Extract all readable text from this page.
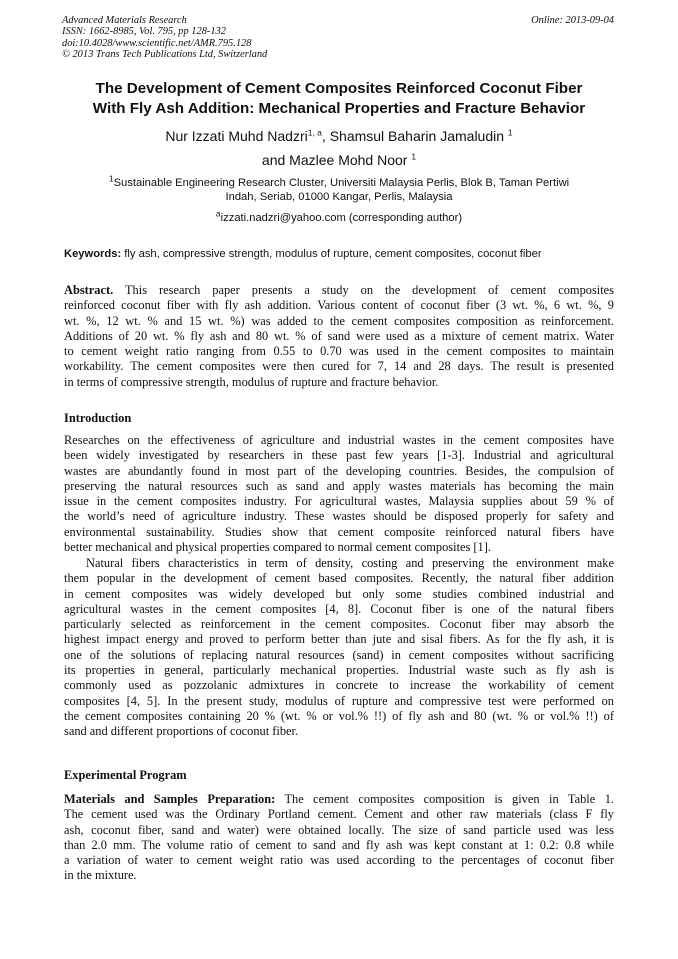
Advanced Materials Research
ISSN: 1662-8985, Vol. 795, pp 128-132
doi:10.4028/www.scientific.net/AMR.795.128
© 2013 Trans Tech Publications Ltd, Switzerland
Online: 2013-09-04
The Development of Cement Composites Reinforced Coconut Fiber
With Fly Ash Addition: Mechanical Properties and Fracture Behavior
Nur Izzati Muhd Nadzri$^{1, a}$, Shamsul Baharin Jamaludin $^1$
and Mazlee Mohd Noor $^1$
$^1$Sustainable Engineering Research Cluster, Universiti Malaysia Perlis, Blok B, Taman Pertiwi
Indah, Seriab, 01000 Kangar, Perlis, Malaysia
$^a$izzati.nadzri@yahoo.com (corresponding author)
Keywords: fly ash, compressive strength, modulus of rupture, cement composites, coconut fiber
Abstract. This research paper presents a study on the development of cement composites
reinforced coconut fiber with fly ash addition. Various content of coconut fiber (3 wt. %, 6 wt. %, 9
wt. %, 12 wt. % and 15 wt. %) was added to the cement composites composition as reinforcement.
Additions of 20 wt. % fly ash and 80 wt. % of sand were used as a mixture of cement matrix. Water
to cement weight ratio ranging from 0.55 to 0.70 was used in the cement composites to maintain
workability. The cement composites were then cured for 7, 14 and 28 days. The result is presented
in terms of compressive strength, modulus of rupture and fracture behavior.
Introduction
Researches on the effectiveness of agriculture and industrial wastes in the cement composites have
been widely investigated by researchers in these past few years [1-3]. Industrial and agricultural
wastes are abundantly found in most part of the developing countries. Besides, the compulsion of
preserving the natural resources such as sand and apply wastes materials has becoming the main
issue in the cement composites industry. For agricultural wastes, Malaysia supplies about 59 % of
the world’s need of agriculture industry. These wastes should be disposed properly for safety and
environmental sustainability. Studies show that cement composite reinforced natural fibers have
better mechanical and physical properties compared to normal cement composites [1].
Natural fibers characteristics in term of density, costing and preserving the environment make
them popular in the development of cement based composites. Recently, the natural fiber addition
in cement composites was widely developed but only some studies combined industrial and
agricultural wastes in the cement composites [4, 8]. Coconut fiber is one of the natural fibers
particularly selected as reinforcement in the cement composites. Coconut fiber may absorb the
highest impact energy and proved to perform better than jute and sisal fibers. As for the fly ash, it is
one of the solutions of replacing natural resources (sand) in cement composites without sacrificing
its properties in general, particularly mechanical properties. Industrial waste such as fly ash is
commonly used as pozzolanic admixtures in concrete to increase the workability of cement
composites [4, 5]. In the present study, modulus of rupture and compressive test were performed on
the cement composites containing 20 % (wt. % or vol.% !!) of fly ash and 80 (wt. % or vol.% !!) of
sand and different proportions of coconut fiber.
Experimental Program
Materials and Samples Preparation: The cement composites composition is given in Table 1.
The cement used was the Ordinary Portland cement. Cement and other raw materials (class F fly
ash, coconut fiber, sand and water) were obtained locally. The size of sand particle used was less
than 2.0 mm. The volume ratio of cement to sand and fly ash was kept constant at 1: 0.2: 0.8 while
a variation of water to cement weight ratio was used according to the percentages of coconut fiber
in the mixture.
